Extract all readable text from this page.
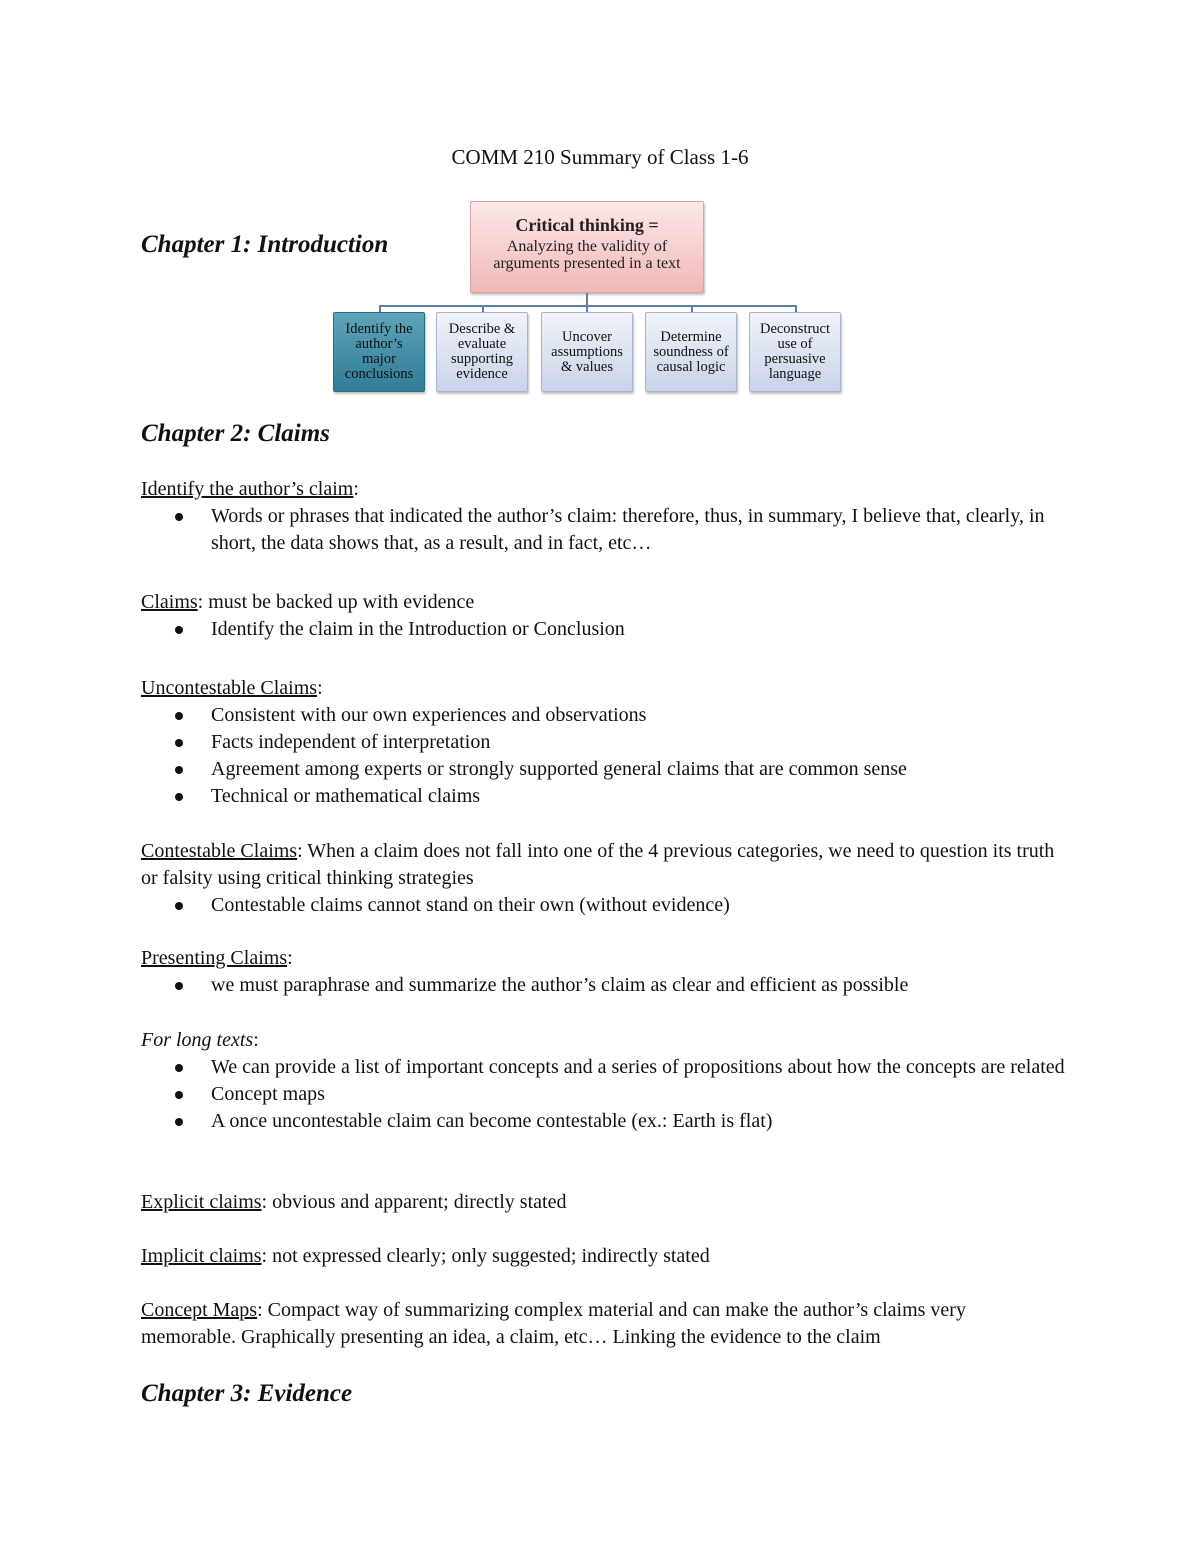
COMM 210 Summary of Class 1-6
Chapter 1: Introduction
Critical thinking =
Analyzing the validity of arguments presented in a text
Identify the author’s major conclusions
Describe & evaluate supporting evidence
Uncover assumptions & values
Determine soundness of causal logic
Deconstruct use of persuasive language
Chapter 2: Claims
Identify the author’s claim:
Words or phrases that indicated the author’s claim: therefore, thus, in summary, I believe that, clearly, in short, the data shows that, as a result, and in fact, etc…
Claims: must be backed up with evidence
Identify the claim in the Introduction or Conclusion
Uncontestable Claims:
Consistent with our own experiences and observations
Facts independent of interpretation
Agreement among experts or strongly supported general claims that are common sense
Technical or mathematical claims
Contestable Claims: When a claim does not fall into one of the 4 previous categories, we need to question its truth or falsity using critical thinking strategies
Contestable claims cannot stand on their own (without evidence)
Presenting Claims:
we must paraphrase and summarize the author’s claim as clear and efficient as possible
For long texts:
We can provide a list of important concepts and a series of propositions about how the concepts are related
Concept maps
A once uncontestable claim can become contestable (ex.: Earth is flat)
Explicit claims: obvious and apparent; directly stated
Implicit claims: not expressed clearly; only suggested; indirectly stated
Concept Maps: Compact way of summarizing complex material and can make the author’s claims very memorable. Graphically presenting an idea, a claim, etc… Linking the evidence to the claim
Chapter 3: Evidence
